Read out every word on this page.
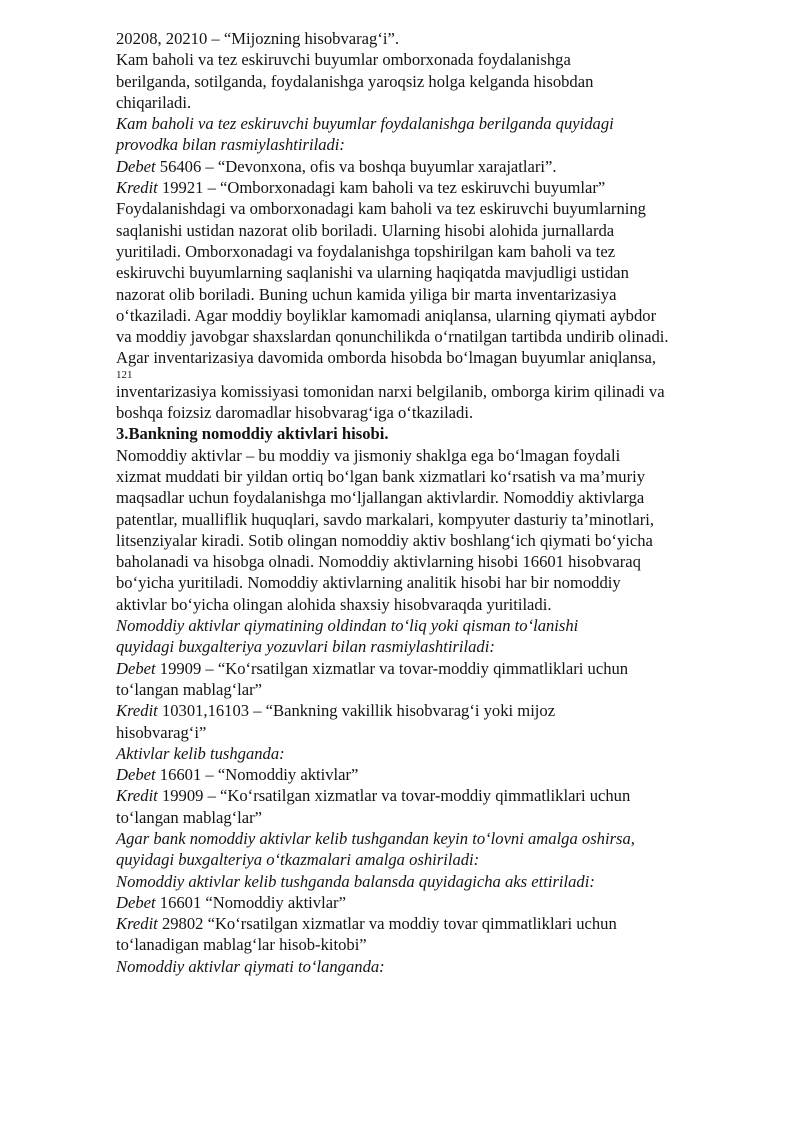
20208, 20210 – “Mijozning hisobvarag‘i”.

Kam baholi va tez eskiruvchi buyumlar omborxonada foydalanishga

berilganda, sotilganda, foydalanishga yaroqsiz holga kelganda hisobdan

chiqariladi.

Kam baholi va tez eskiruvchi buyumlar foydalanishga berilganda quyidagi

provodka bilan rasmiylashtiriladi:

Debet 56406 – “Devonxona, ofis va boshqa buyumlar xarajatlari”.

Kredit 19921 – “Omborxonadagi kam baholi va tez eskiruvchi buyumlar”

Foydalanishdagi va omborxonadagi kam baholi va tez eskiruvchi buyumlarning

saqlanishi ustidan nazorat olib boriladi. Ularning hisobi alohida jurnallarda

yuritiladi. Omborxonadagi va foydalanishga topshirilgan kam baholi va tez

eskiruvchi buyumlarning saqlanishi va ularning haqiqatda mavjudligi ustidan

nazorat olib boriladi. Buning uchun kamida yiliga bir marta inventarizasiya

o‘tkaziladi. Agar moddiy boyliklar kamomadi aniqlansa, ularning qiymati aybdor

va moddiy javobgar shaxslardan qonunchilikda o‘rnatilgan tartibda undirib olinadi.

Agar inventarizasiya davomida omborda hisobda bo‘lmagan buyumlar aniqlansa,

121

inventarizasiya komissiyasi tomonidan narxi belgilanib, omborga kirim qilinadi va

boshqa foizsiz daromadlar hisobvarag‘iga o‘tkaziladi.

3.Bankning nomoddiy aktivlari hisobi.

Nomoddiy aktivlar – bu moddiy va jismoniy shaklga ega bo‘lmagan foydali

xizmat muddati bir yildan ortiq bo‘lgan bank xizmatlari ko‘rsatish va ma’muriy

maqsadlar uchun foydalanishga mo‘ljallangan aktivlardir. Nomoddiy aktivlarga

patentlar, mualliflik huquqlari, savdo markalari, kompyuter dasturiy ta’minotlari,

litsenziyalar kiradi. Sotib olingan nomoddiy aktiv boshlang‘ich qiymati bo‘yicha

baholanadi va hisobga olnadi. Nomoddiy aktivlarning hisobi 16601 hisobvaraq

bo‘yicha yuritiladi. Nomoddiy aktivlarning analitik hisobi har bir nomoddiy

aktivlar bo‘yicha olingan alohida shaxsiy hisobvaraqda yuritiladi.

Nomoddiy aktivlar qiymatining oldindan to‘liq yoki qisman to‘lanishi

quyidagi buxgalteriya yozuvlari bilan rasmiylashtiriladi:

Debet 19909 – “Ko‘rsatilgan xizmatlar va tovar-moddiy qimmatliklari uchun

to‘langan mablag‘lar”

Kredit 10301,16103 – “Bankning vakillik hisobvarag‘i yoki mijoz

hisobvarag‘i”

Aktivlar kelib tushganda:

Debet 16601 – “Nomoddiy aktivlar”

Kredit 19909 – “Ko‘rsatilgan xizmatlar va tovar-moddiy qimmatliklari uchun

to‘langan mablag‘lar”

Agar bank nomoddiy aktivlar kelib tushgandan keyin to‘lovni amalga oshirsa,

quyidagi buxgalteriya o‘tkazmalari amalga oshiriladi:

Nomoddiy aktivlar kelib tushganda balansda quyidagicha aks ettiriladi:

Debet 16601 “Nomoddiy aktivlar”

Kredit 29802 “Ko‘rsatilgan xizmatlar va moddiy tovar qimmatliklari uchun

to‘lanadigan mablag‘lar hisob-kitobi”

Nomoddiy aktivlar qiymati to‘langanda:
